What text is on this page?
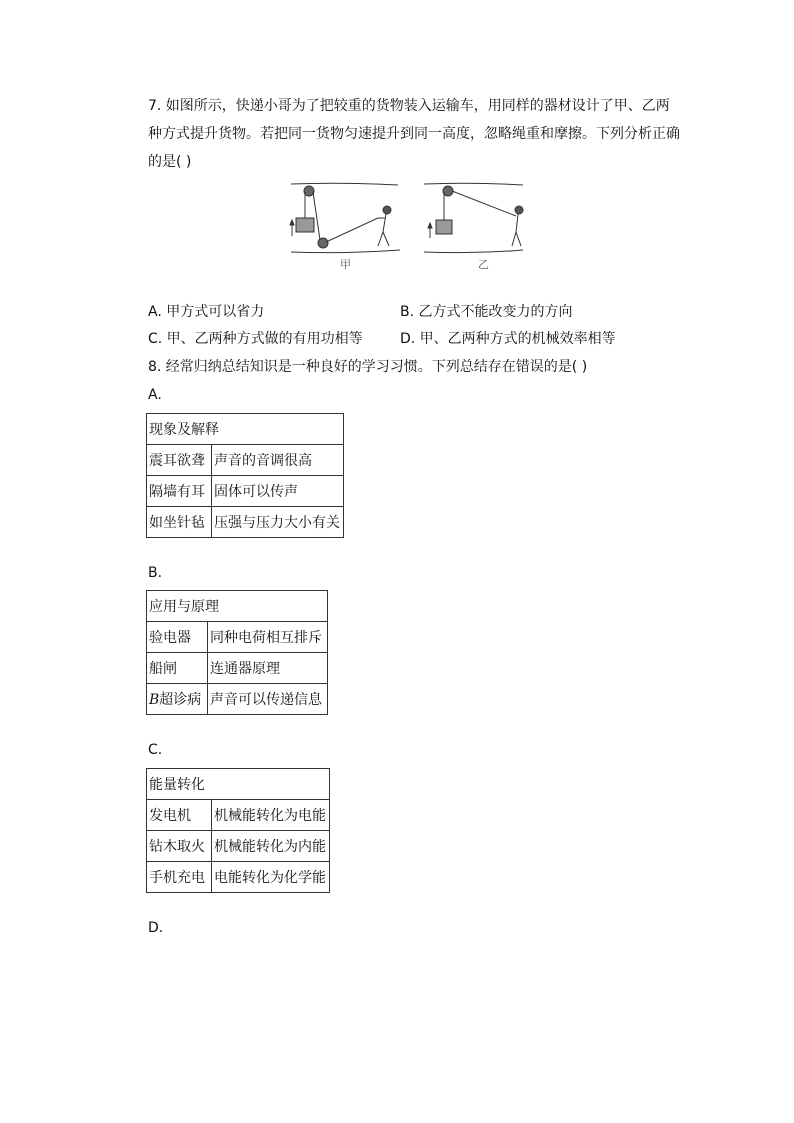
7. 如图所示，快递小哥为了把较重的货物装入运输车，用同样的器材设计了甲、乙两
种方式提升货物。若把同一货物匀速提升到同一高度，忽略绳重和摩擦。下列分析正确
的是( )
甲	乙
A. 甲方式可以省力	B. 乙方式不能改变力的方向
C. 甲、乙两种方式做的有用功相等	D. 甲、乙两种方式的机械效率相等
8. 经常归纳总结知识是一种良好的学习习惯。下列总结存在错误的是( )
A.
现象及解释	
震耳欲聋	声音的音调很高
隔墙有耳	固体可以传声
如坐针毡	压强与压力大小有关
B.
应用与原理	
验电器	同种电荷相互排斥
船闸	连通器原理
B超诊病	声音可以传递信息
C.
能量转化	
发电机	机械能转化为电能
钻木取火	机械能转化为内能
手机充电	电能转化为化学能
D.
